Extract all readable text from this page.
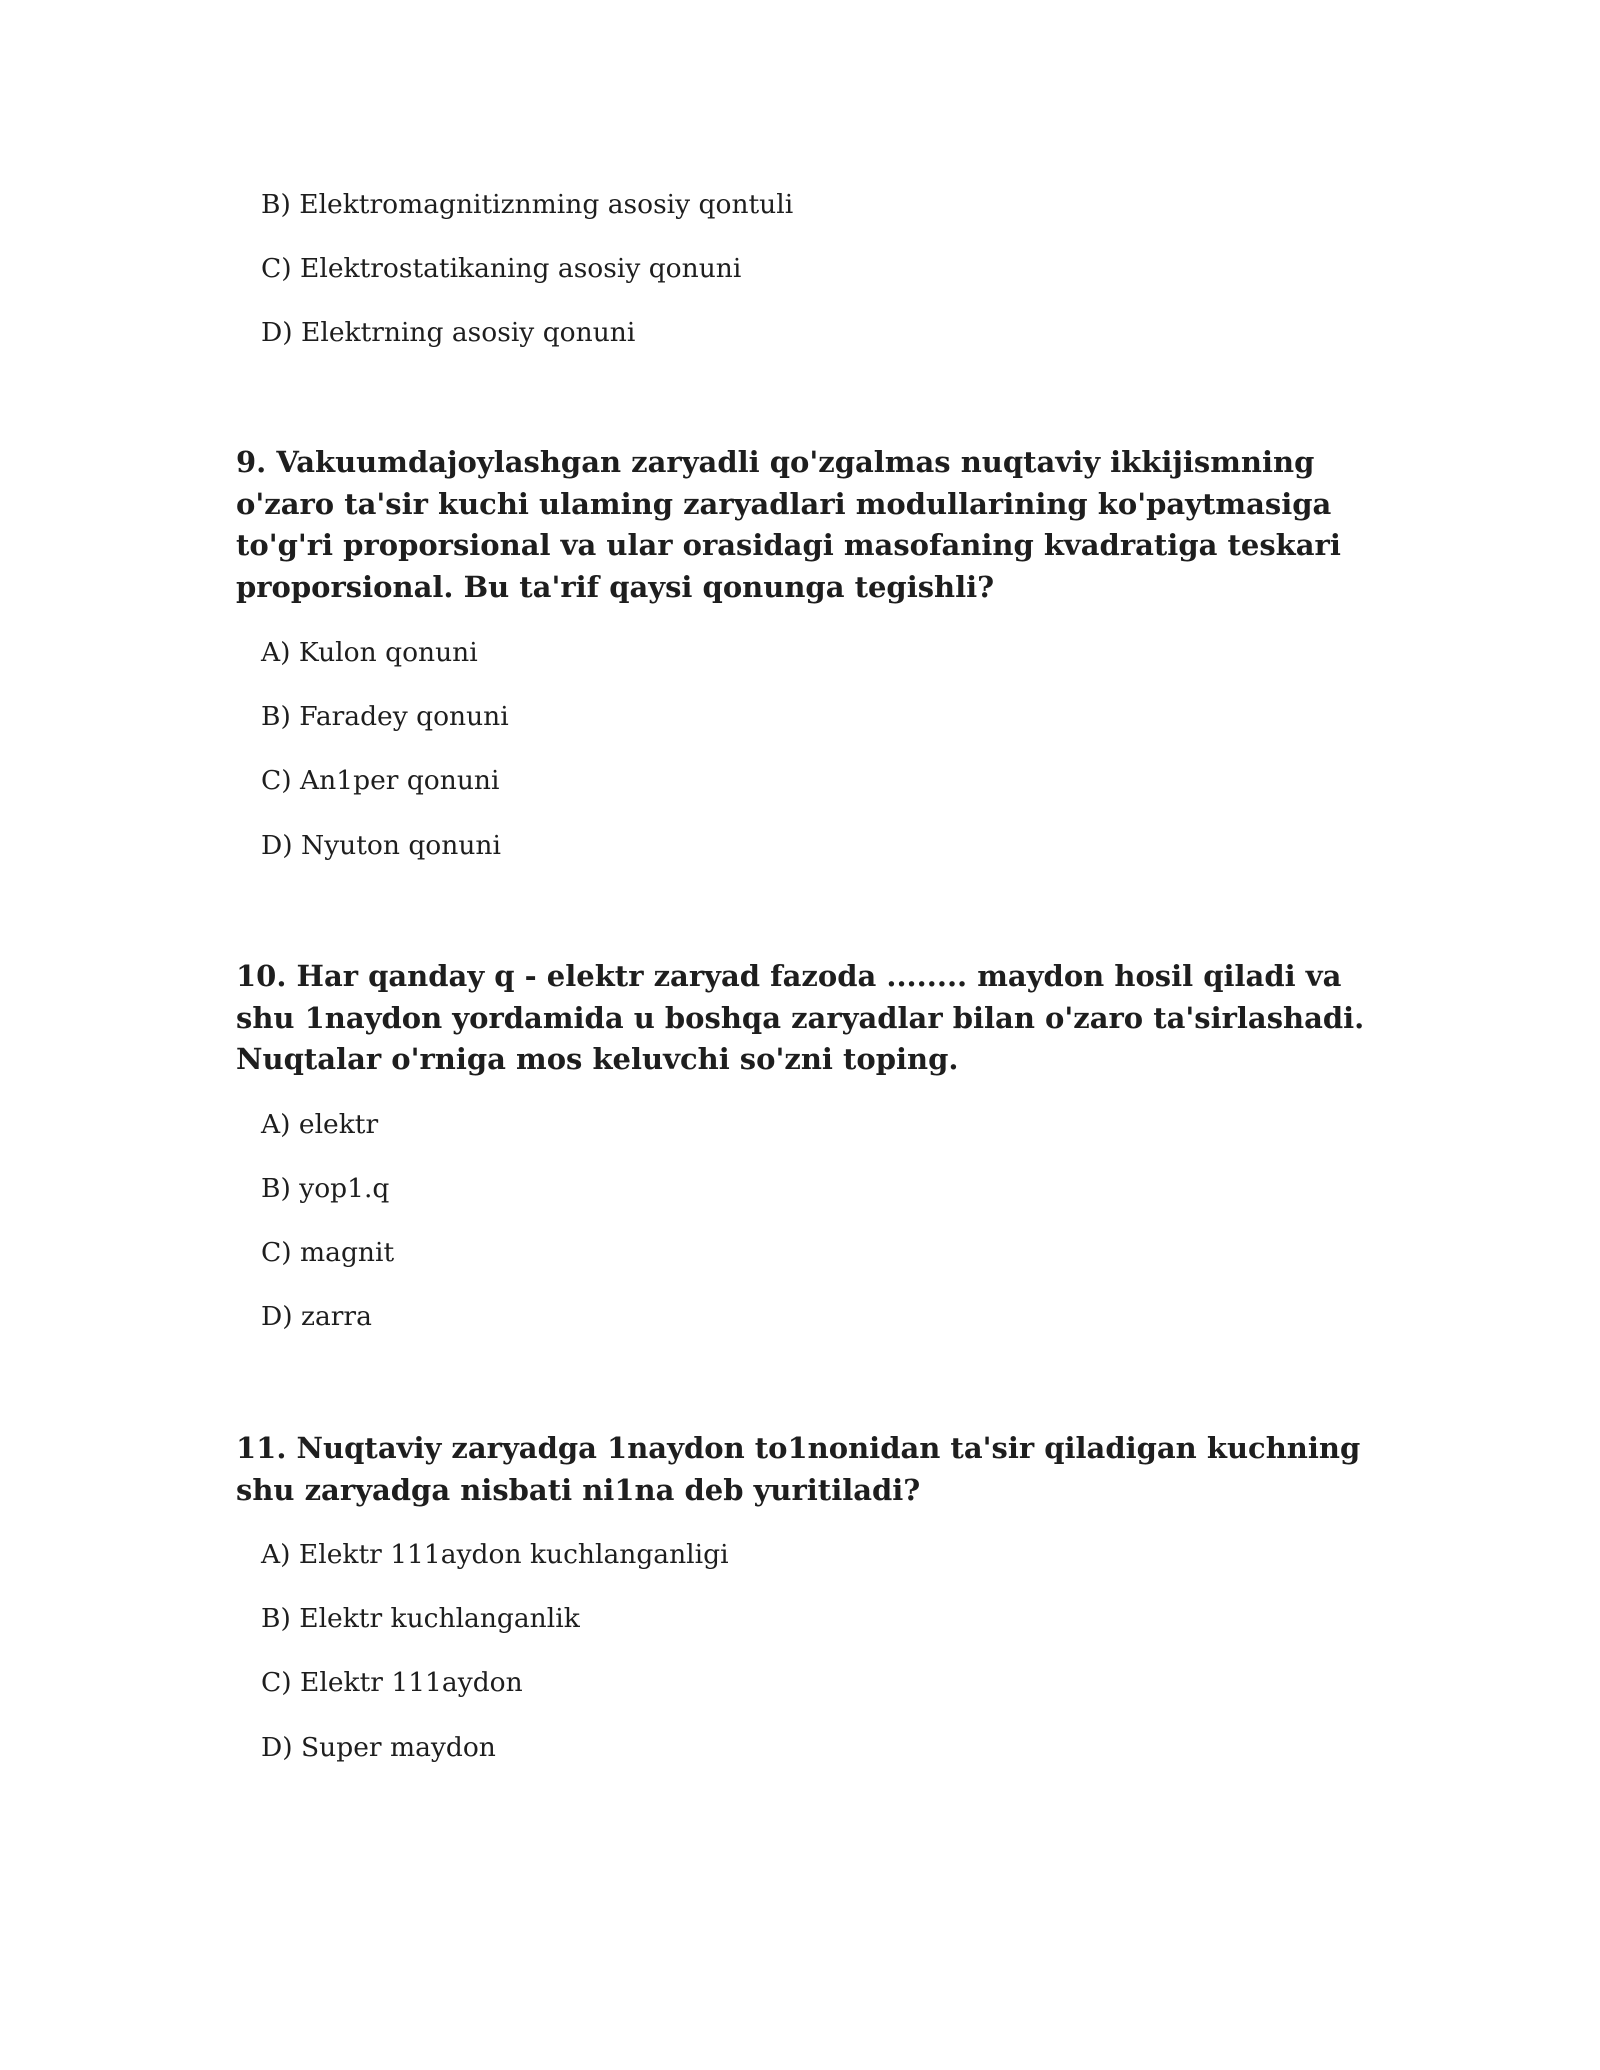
B) Elektromagnitiznming asosiy qontuli
C) Elektrostatikaning asosiy qonuni
D) Elektrning asosiy qonuni
9. Vakuumdajoylashgan zaryadli qo'zgalmas nuqtaviy ikkijismning o'zaro ta'sir kuchi ulaming zaryadlari modullarining ko'paytmasiga to'g'ri proporsional va ular orasidagi masofaning kvadratiga teskari proporsional. Bu ta'rif qaysi qonunga tegishli?
A) Kulon qonuni
B) Faradey qonuni
C) An1per qonuni
D) Nyuton qonuni
10. Har qanday q - elektr zaryad fazoda ........ maydon hosil qiladi va shu 1naydon yordamida u boshqa zaryadlar bilan o'zaro ta'sirlashadi. Nuqtalar o'rniga mos keluvchi so'zni toping.
A) elektr
B) yop1.q
C) magnit
D) zarra
11. Nuqtaviy zaryadga 1naydon to1nonidan ta'sir qiladigan kuchning shu zaryadga nisbati ni1na deb yuritiladi?
A) Elektr 111aydon kuchlanganligi
B) Elektr kuchlanganlik
C) Elektr 111aydon
D) Super maydon
